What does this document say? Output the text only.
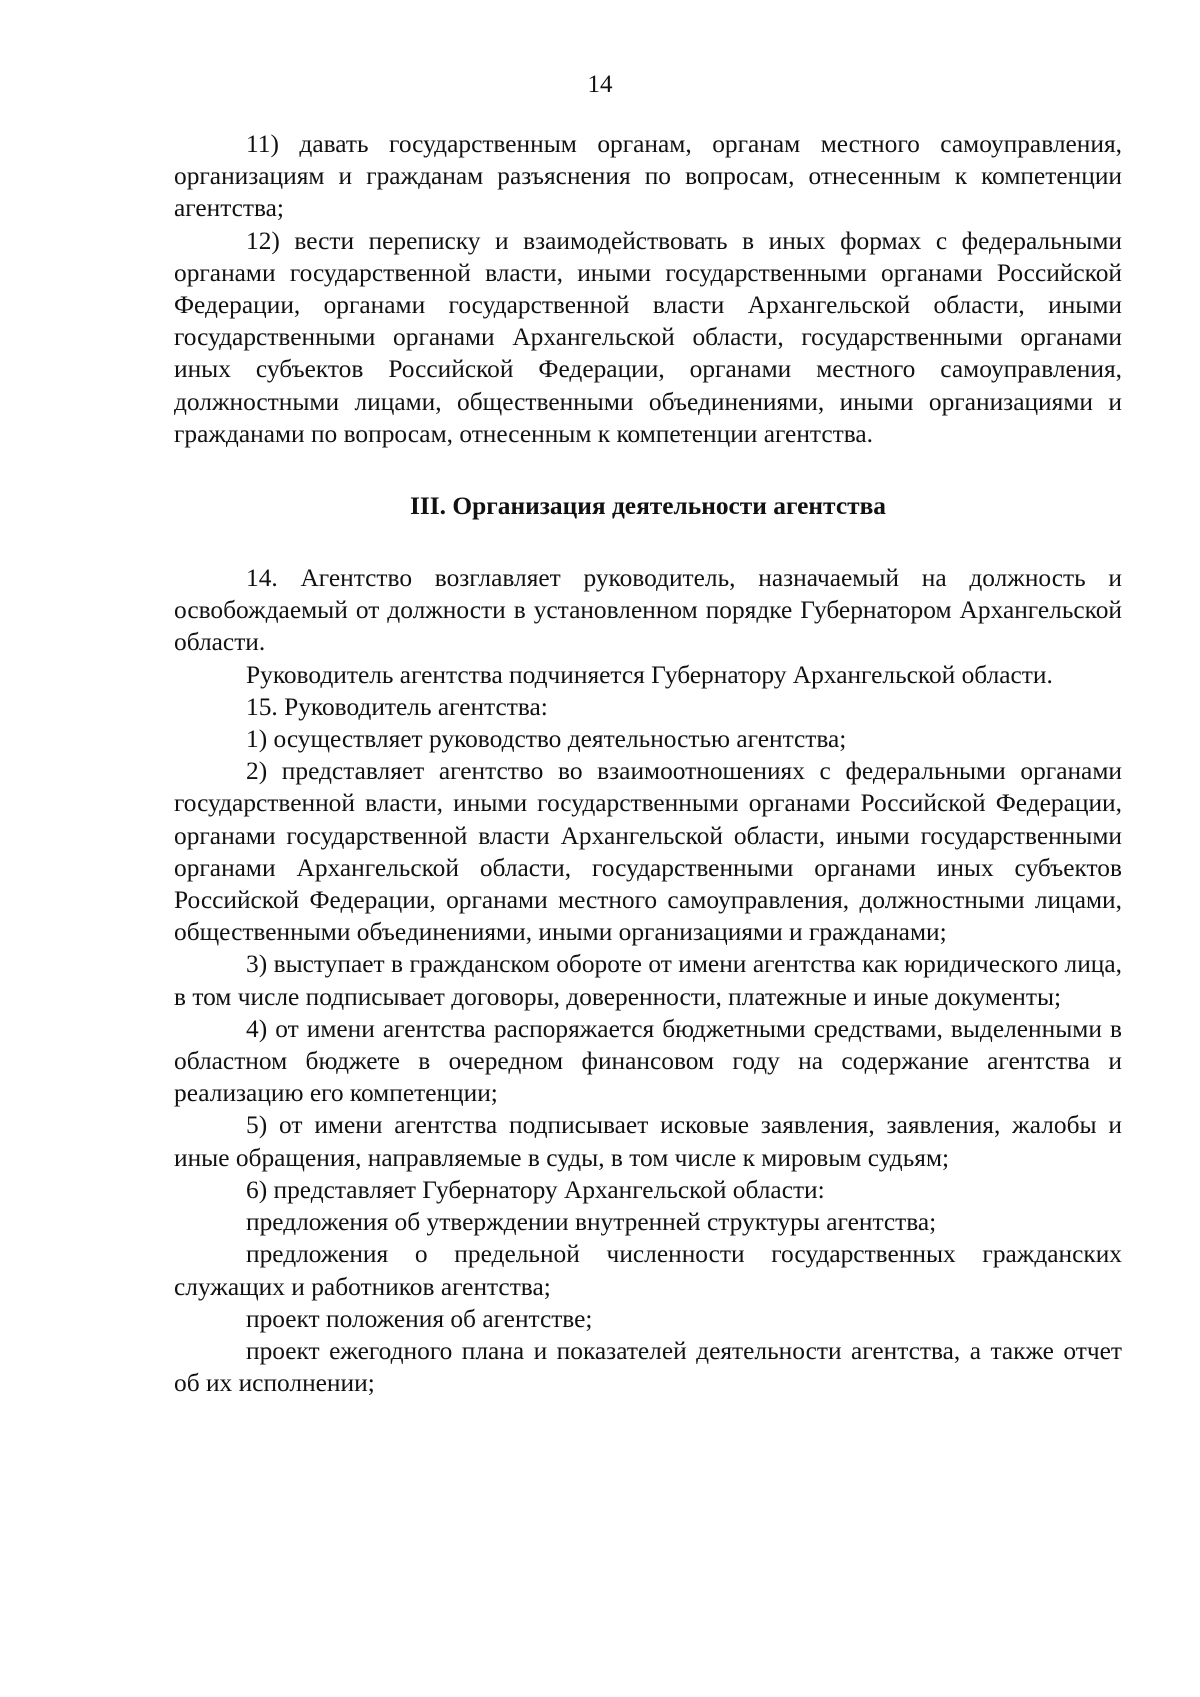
14

11) давать государственным органам, органам местного самоуправления, организациям и гражданам разъяснения по вопросам, отнесенным к компетенции агентства;

12) вести переписку и взаимодействовать в иных формах с федеральными органами государственной власти, иными государственными органами Российской Федерации, органами государственной власти Архангельской области, иными государственными органами Архангельской области, государственными органами иных субъектов Российской Федерации, органами местного самоуправления, должностными лицами, общественными объединениями, иными организациями и гражданами по вопросам, отнесенным к компетенции агентства.

III. Организация деятельности агентства

14. Агентство возглавляет руководитель, назначаемый на должность и освобождаемый от должности в установленном порядке Губернатором Архангельской области.

Руководитель агентства подчиняется Губернатору Архангельской области.

15. Руководитель агентства:

1) осуществляет руководство деятельностью агентства;

2) представляет агентство во взаимоотношениях с федеральными органами государственной власти, иными государственными органами Российской Федерации, органами государственной власти Архангельской области, иными государственными органами Архангельской области, государственными органами иных субъектов Российской Федерации, органами местного самоуправления, должностными лицами, общественными объединениями, иными организациями и гражданами;

3) выступает в гражданском обороте от имени агентства как юридического лица, в том числе подписывает договоры, доверенности, платежные и иные документы;

4) от имени агентства распоряжается бюджетными средствами, выделенными в областном бюджете в очередном финансовом году на содержание агентства и реализацию его компетенции;

5) от имени агентства подписывает исковые заявления, заявления, жалобы и иные обращения, направляемые в суды, в том числе к мировым судьям;

6) представляет Губернатору Архангельской области:

предложения об утверждении внутренней структуры агентства;

предложения о предельной численности государственных гражданских служащих и работников агентства;

проект положения об агентстве;

проект ежегодного плана и показателей деятельности агентства, а также отчет об их исполнении;
